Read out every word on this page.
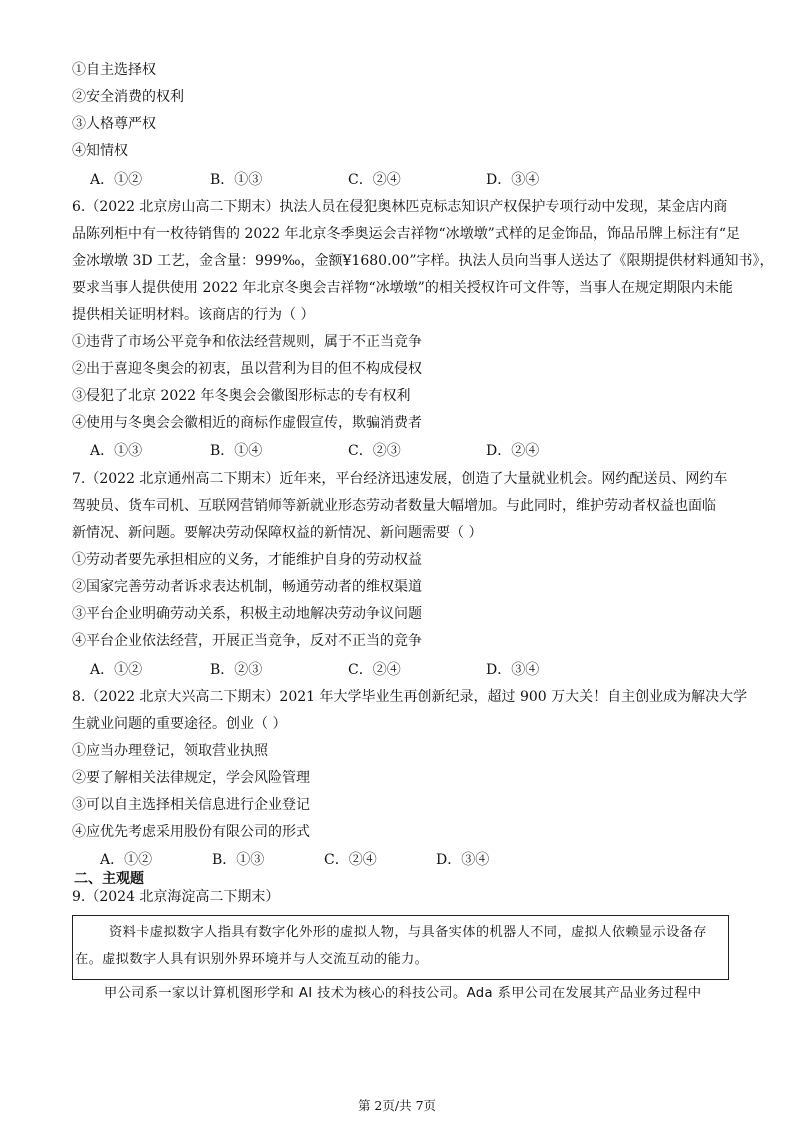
①自主选择权
②安全消费的权利
③人格尊严权
④知情权
A．①②	B．①③	C．②④	D．③④
6.（2022 北京房山高二下期末）执法人员在侵犯奥林匹克标志知识产权保护专项行动中发现，某金店内商
品陈列柜中有一枚待销售的 2022 年北京冬季奥运会吉祥物“冰墩墩”式样的足金饰品，饰品吊牌上标注有“足
金冰墩墩 3D 工艺，金含量：999‰，金额¥1680.00”字样。执法人员向当事人送达了《限期提供材料通知书》，
要求当事人提供使用 2022 年北京冬奥会吉祥物“冰墩墩”的相关授权许可文件等，当事人在规定期限内未能
提供相关证明材料。该商店的行为（ ）
①违背了市场公平竞争和依法经营规则，属于不正当竞争
②出于喜迎冬奥会的初衷，虽以营利为目的但不构成侵权
③侵犯了北京 2022 年冬奥会会徽图形标志的专有权利
④使用与冬奥会会徽相近的商标作虚假宣传，欺骗消费者
A．①③	B．①④	C．②③	D．②④
7.（2022 北京通州高二下期末）近年来，平台经济迅速发展，创造了大量就业机会。网约配送员、网约车
驾驶员、货车司机、互联网营销师等新就业形态劳动者数量大幅增加。与此同时，维护劳动者权益也面临
新情况、新问题。要解决劳动保障权益的新情况、新问题需要（ ）
①劳动者要先承担相应的义务，才能维护自身的劳动权益
②国家完善劳动者诉求表达机制，畅通劳动者的维权渠道
③平台企业明确劳动关系，积极主动地解决劳动争议问题
④平台企业依法经营，开展正当竞争，反对不正当的竞争
A．①②	B．②③	C．②④	D．③④
8.（2022 北京大兴高二下期末）2021 年大学毕业生再创新纪录，超过 900 万大关！自主创业成为解决大学
生就业问题的重要途径。创业（ ）
①应当办理登记，领取营业执照
②要了解相关法律规定，学会风险管理
③可以自主选择相关信息进行企业登记
④应优先考虑采用股份有限公司的形式
A．①②	B．①③	C．②④	D．③④
二、主观题
9.（2024 北京海淀高二下期末）
资料卡虚拟数字人指具有数字化外形的虚拟人物，与具备实体的机器人不同，虚拟人依赖显示设备存
在。虚拟数字人具有识别外界环境并与人交流互动的能力。
甲公司系一家以计算机图形学和 AI 技术为核心的科技公司。Ada 系甲公司在发展其产品业务过程中
第 2页/共 7页
